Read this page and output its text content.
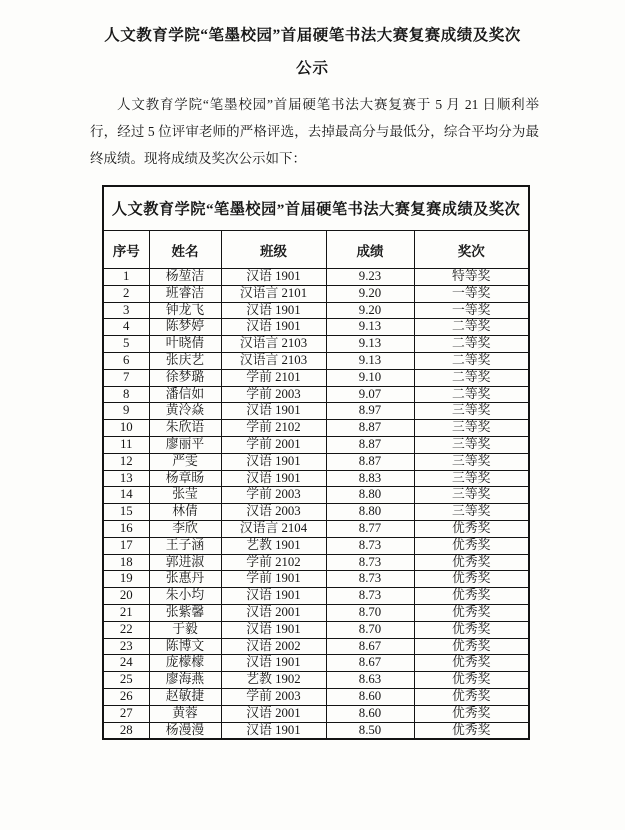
人文教育学院“笔墨校园”首届硬笔书法大赛复赛成绩及奖次
公示

人文教育学院“笔墨校园”首届硬笔书法大赛复赛于 5 月 21 日顺利举行，经过 5 位评审老师的严格评选，去掉最高分与最低分，综合平均分为最终成绩。现将成绩及奖次公示如下：

人文教育学院“笔墨校园”首届硬笔书法大赛复赛成绩及奖次				
序号	姓名	班级	成绩	奖次
1	杨堃洁	汉语 1901	9.23	特等奖
2	班睿洁	汉语言 2101	9.20	一等奖
3	钟龙飞	汉语 1901	9.20	一等奖
4	陈梦婷	汉语 1901	9.13	二等奖
5	叶晓倩	汉语言 2103	9.13	二等奖
6	张庆艺	汉语言 2103	9.13	二等奖
7	徐梦璐	学前 2101	9.10	二等奖
8	潘信如	学前 2003	9.07	二等奖
9	黄泠焱	汉语 1901	8.97	三等奖
10	朱欣语	学前 2102	8.87	三等奖
11	廖丽平	学前 2001	8.87	三等奖
12	严雯	汉语 1901	8.87	三等奖
13	杨章旸	汉语 1901	8.83	三等奖
14	张莹	学前 2003	8.80	三等奖
15	林倩	汉语 2003	8.80	三等奖
16	李欣	汉语言 2104	8.77	优秀奖
17	王子涵	艺教 1901	8.73	优秀奖
18	郭进淑	学前 2102	8.73	优秀奖
19	张惠丹	学前 1901	8.73	优秀奖
20	朱小均	汉语 1901	8.73	优秀奖
21	张紫馨	汉语 2001	8.70	优秀奖
22	于毅	汉语 1901	8.70	优秀奖
23	陈博文	汉语 2002	8.67	优秀奖
24	庞檬檬	汉语 1901	8.67	优秀奖
25	廖海燕	艺教 1902	8.63	优秀奖
26	赵敏捷	学前 2003	8.60	优秀奖
27	黄蓉	汉语 2001	8.60	优秀奖
28	杨漫漫	汉语 1901	8.50	优秀奖
